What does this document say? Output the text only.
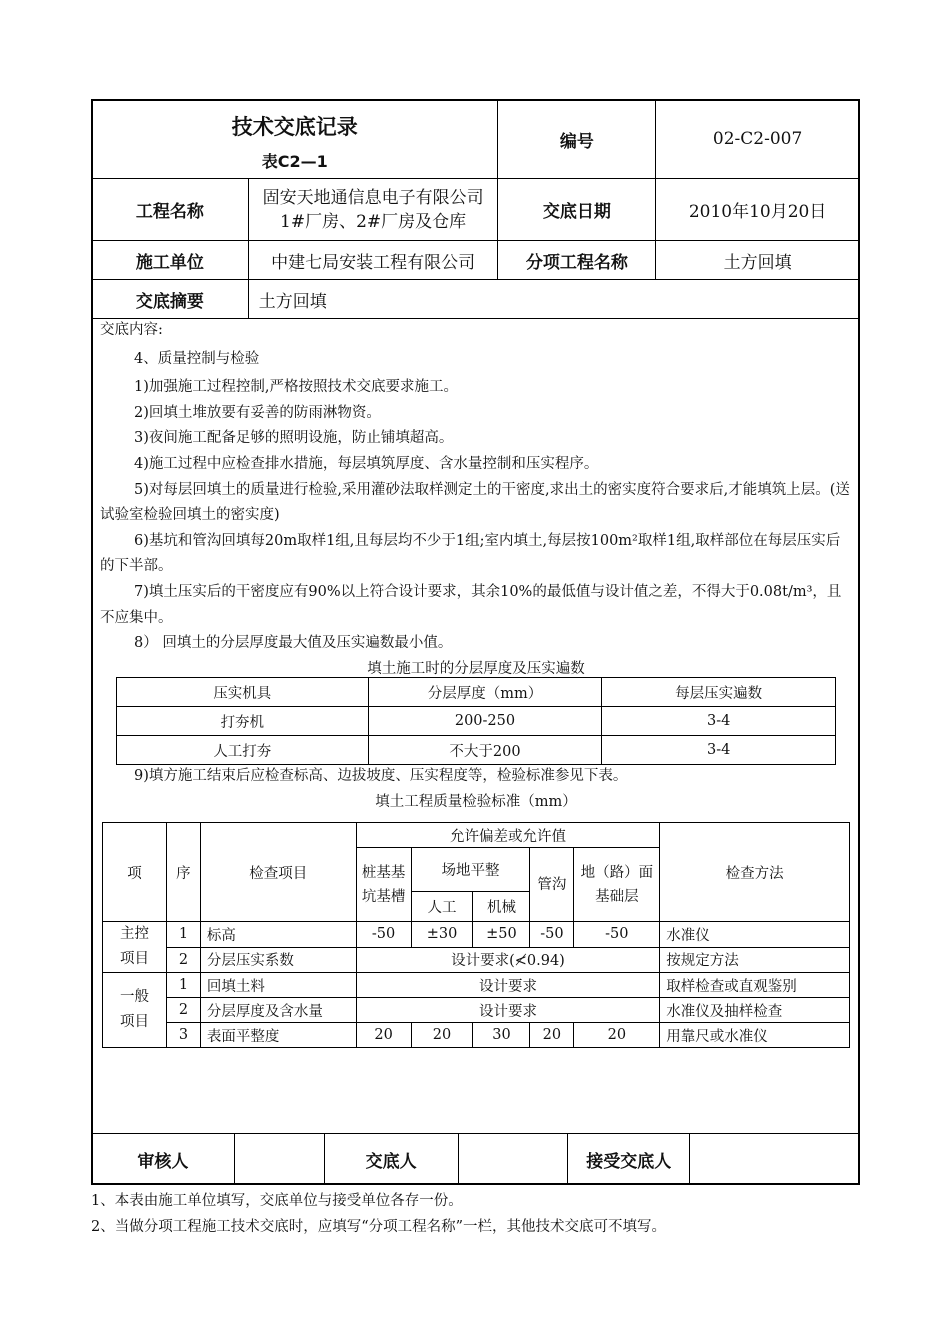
技术交底记录
表C2—1		编号	02-C2-007
工程名称	固安天地通信息电子有限公司1#厂房、2#厂房及仓库	交底日期	2010年10月20日
施工单位	中建七局安装工程有限公司	分项工程名称	土方回填
交底摘要	土方回填		

交底内容:

4、质量控制与检验

1)加强施工过程控制,严格按照技术交底要求施工。

2)回填土堆放要有妥善的防雨淋物资。

3)夜间施工配备足够的照明设施，防止铺填超高。

4)施工过程中应检查排水措施，每层填筑厚度、含水量控制和压实程序。

5)对每层回填土的质量进行检验,采用灌砂法取样测定土的干密度,求出土的密实度符合要求后,才能填筑上层。(送试验室检验回填土的密实度)

6)基坑和管沟回填每20m取样1组,且每层均不少于1组;室内填土,每层按100m²取样1组,取样部位在每层压实后的下半部。

7)填土压实后的干密度应有90%以上符合设计要求，其余10%的最低值与设计值之差，不得大于0.08t/m³，且不应集中。

8） 回填土的分层厚度最大值及压实遍数最小值。

填土施工时的分层厚度及压实遍数

压实机具	分层厚度（mm）	每层压实遍数
打夯机	200-250	3-4
人工打夯	不大于200	3-4

9)填方施工结束后应检查标高、边拔坡度、压实程度等，检验标准参见下表。

填土工程质量检验标准（mm）

项	序	检查项目	允许偏差或允许值					检查方法
			桩基基坑基槽	场地平整		管沟	地（路）面基础层	
				人工	机械			
主控项目	1	标高	-50	±30	±50	-50	-50	水准仪
	2	分层压实系数	设计要求(≮0.94)					按规定方法
一般项目	1	回填土料	设计要求					取样检查或直观鉴别
	2	分层厚度及含水量	设计要求					水准仪及抽样检查
	3	表面平整度	20	20	30	20	20	用靠尺或水准仪
审核人		交底人		接受交底人	

1、本表由施工单位填写，交底单位与接受单位各存一份。

2、当做分项工程施工技术交底时，应填写“分项工程名称”一栏，其他技术交底可不填写。
